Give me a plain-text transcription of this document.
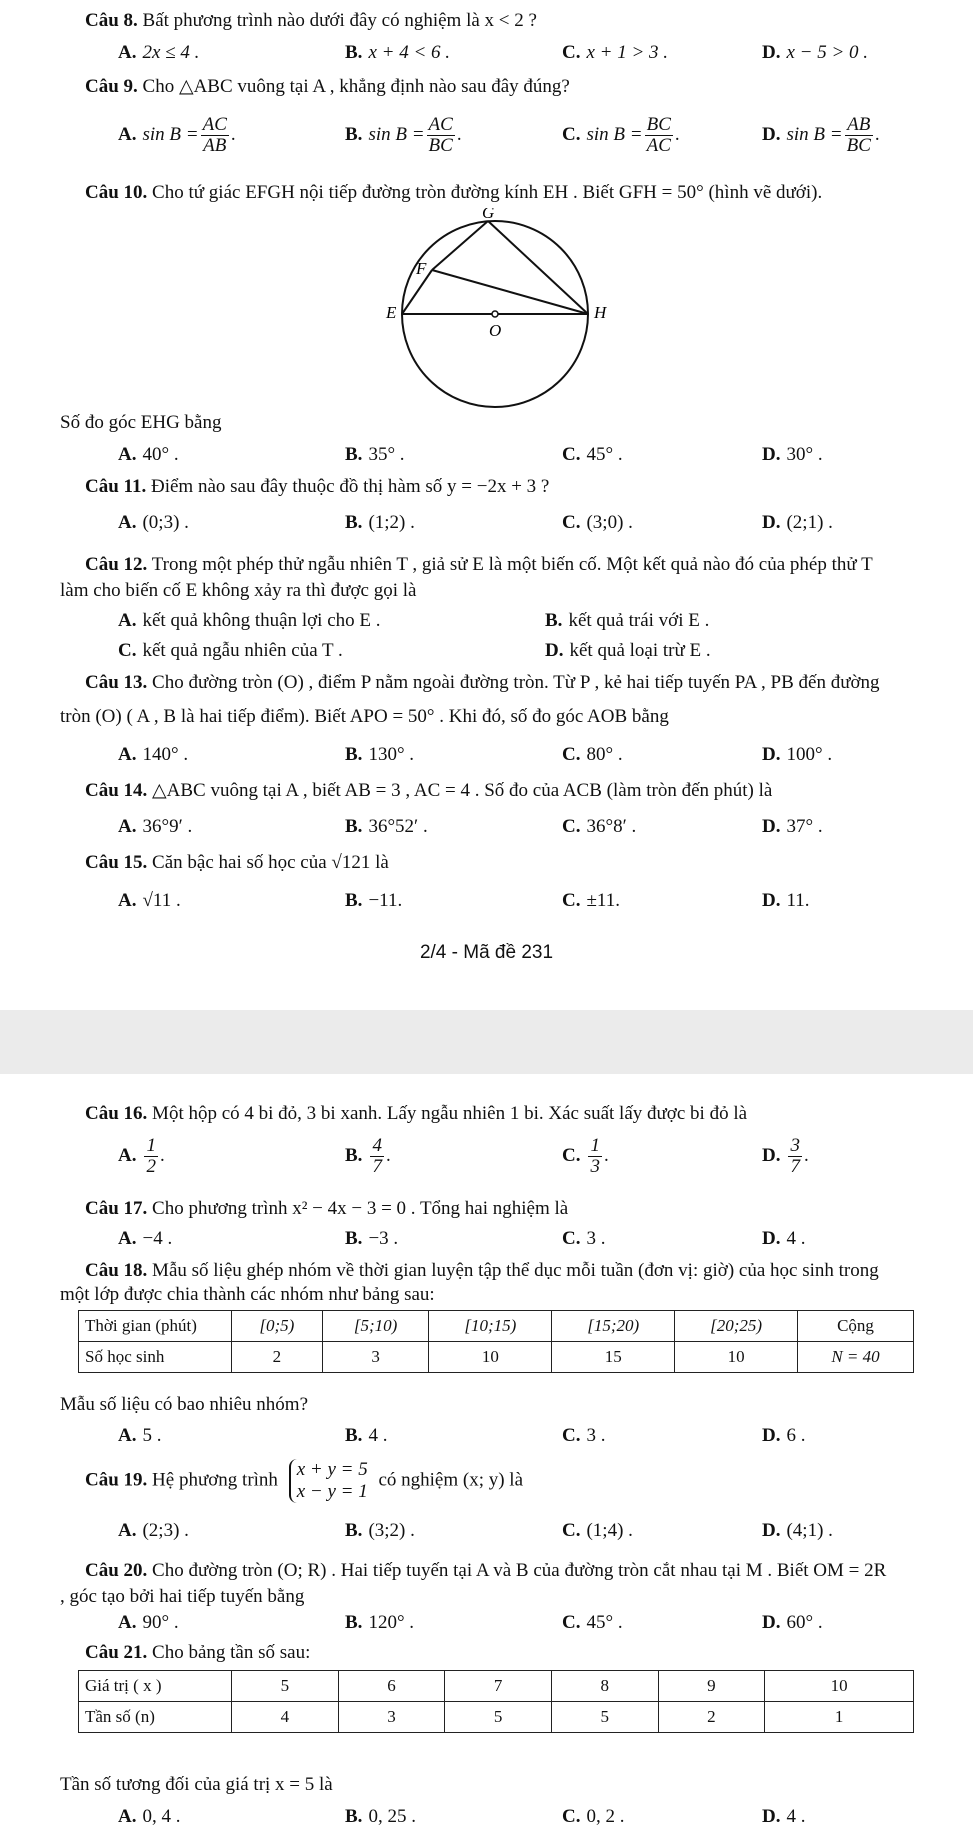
Câu 8. Bất phương trình nào dưới đây có nghiệm là x < 2 ?
A. 2x ≤ 4 .	B. x + 4 < 6 .	C. x + 1 > 3 .	D. x − 5 > 0 .
Câu 9. Cho △ABC vuông tại A , khẳng định nào sau đây đúng?
A. $\sin B = \frac{AC}{AB}$ .	B. $\sin B = \frac{AC}{BC}$ .	C. $\sin B = \frac{BC}{AC}$ .	D. $\sin B = \frac{AB}{BC}$ .
Câu 10. Cho tứ giác EFGH nội tiếp đường tròn đường kính EH . Biết GFH = 50° (hình vẽ dưới).
G
F
E
O
H
Số đo góc EHG bằng
A. 40° .	B. 35° .	C. 45° .	D. 30° .
Câu 11. Điểm nào sau đây thuộc đồ thị hàm số y = −2x + 3 ?
A. (0;3) .	B. (1;2) .	C. (3;0) .	D. (2;1) .
Câu 12. Trong một phép thử ngẫu nhiên T , giả sử E là một biến cố. Một kết quả nào đó của phép thử T
làm cho biến cố E không xảy ra thì được gọi là
A. kết quả không thuận lợi cho E .	B. kết quả trái với E .
C. kết quả ngẫu nhiên của T .	D. kết quả loại trừ E .
Câu 13. Cho đường tròn (O) , điểm P nằm ngoài đường tròn. Từ P , kẻ hai tiếp tuyến PA , PB đến đường
tròn (O) ( A , B là hai tiếp điểm). Biết APO = 50° . Khi đó, số đo góc AOB bằng
A. 140° .	B. 130° .	C. 80° .	D. 100° .
Câu 14. △ABC vuông tại A , biết AB = 3 , AC = 4 . Số đo của ACB (làm tròn đến phút) là
A. 36°9′ .	B. 36°52′ .	C. 36°8′ .	D. 37° .
Câu 15. Căn bậc hai số học của √121 là
A. √11 .	B. −11.	C. ±11.	D. 11.
2/4 - Mã đề 231
Câu 16. Một hộp có 4 bi đỏ, 3 bi xanh. Lấy ngẫu nhiên 1 bi. Xác suất lấy được bi đỏ là
A. $\frac{1}{2}$ .	B. $\frac{4}{7}$ .	C. $\frac{1}{3}$ .	D. $\frac{3}{7}$ .
Câu 17. Cho phương trình x² − 4x − 3 = 0 . Tổng hai nghiệm là
A. −4 .	B. −3 .	C. 3 .	D. 4 .
Câu 18. Mẫu số liệu ghép nhóm về thời gian luyện tập thể dục mỗi tuần (đơn vị: giờ) của học sinh trong
một lớp được chia thành các nhóm như bảng sau:
Thời gian (phút)	[0;5)	[5;10)	[10;15)	[15;20)	[20;25)	Cộng
Số học sinh	2	3	10	15	10	N = 40
Mẫu số liệu có bao nhiêu nhóm?
A. 5 .	B. 4 .	C. 3 .	D. 6 .
Câu 19. Hệ phương trình x + y = 5
x − y = 1
có nghiệm (x; y) là
A. (2;3) .	B. (3;2) .	C. (1;4) .	D. (4;1) .
Câu 20. Cho đường tròn (O; R) . Hai tiếp tuyến tại A và B của đường tròn cắt nhau tại M . Biết OM = 2R
, góc tạo bởi hai tiếp tuyến bằng
A. 90° .	B. 120° .	C. 45° .	D. 60° .
Câu 21. Cho bảng tần số sau:
Giá trị ( x )	5	6	7	8	9	10
Tần số (n)	4	3	5	5	2	1
Tần số tương đối của giá trị x = 5 là
A. 0, 4 .	B. 0, 25 .	C. 0, 2 .	D. 4 .
